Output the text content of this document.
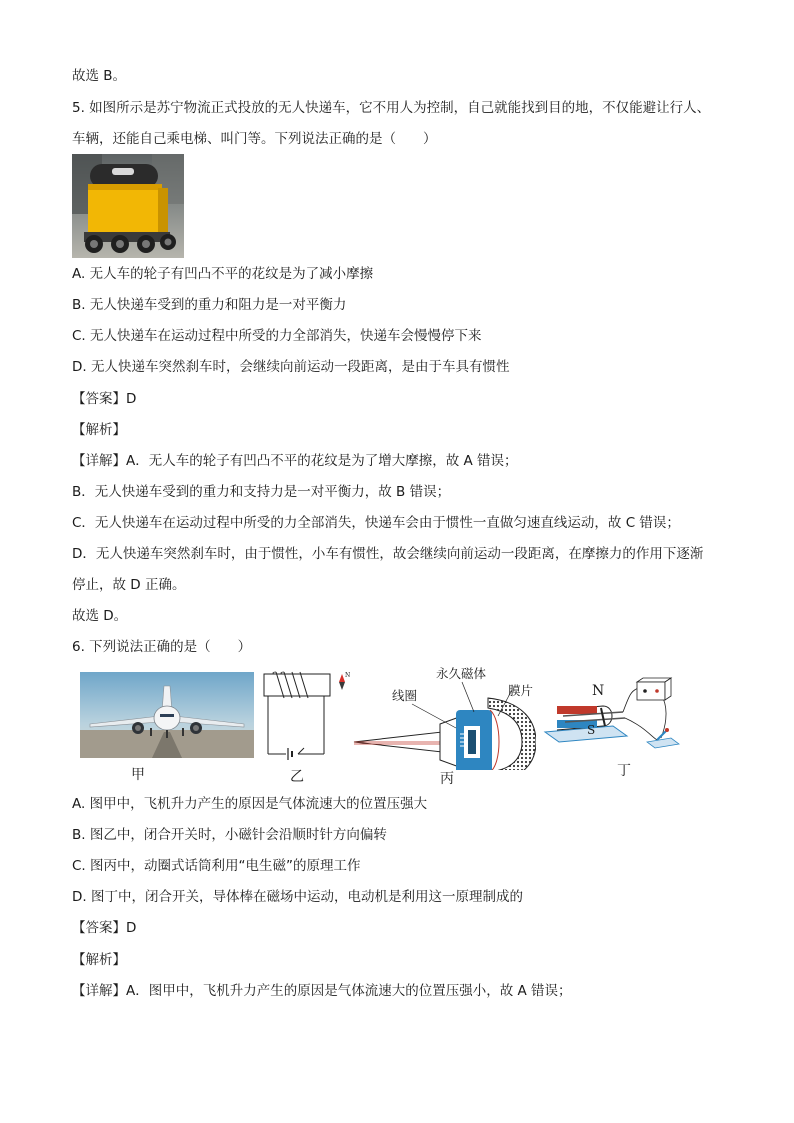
故选 B。
5. 如图所示是苏宁物流正式投放的无人快递车，它不用人为控制，自己就能找到目的地，不仅能避让行人、
车辆，还能自己乘电梯、叫门等。下列说法正确的是（　　）
A. 无人车的轮子有凹凸不平的花纹是为了减小摩擦
B. 无人快递车受到的重力和阻力是一对平衡力
C. 无人快递车在运动过程中所受的力全部消失，快递车会慢慢停下来
D. 无人快递车突然刹车时，会继续向前运动一段距离，是由于车具有惯性
【答案】D
【解析】
【详解】A．无人车的轮子有凹凸不平的花纹是为了增大摩擦，故 A 错误；
B．无人快递车受到的重力和支持力是一对平衡力，故 B 错误；
C．无人快递车在运动过程中所受的力全部消失，快递车会由于惯性一直做匀速直线运动，故 C 错误；
D．无人快递车突然刹车时，由于惯性，小车有惯性，故会继续向前运动一段距离，在摩擦力的作用下逐渐
停止，故 D 正确。
故选 D。
6. 下列说法正确的是（　　）
甲
N
乙
永久磁体
线圈	膜片
丙
N
S
丁
A. 图甲中，飞机升力产生的原因是气体流速大的位置压强大
B. 图乙中，闭合开关时，小磁针会沿顺时针方向偏转
C. 图丙中，动圈式话筒利用“电生磁”的原理工作
D. 图丁中，闭合开关，导体棒在磁场中运动，电动机是利用这一原理制成的
【答案】D
【解析】
【详解】A．图甲中，飞机升力产生的原因是气体流速大的位置压强小，故 A 错误；
